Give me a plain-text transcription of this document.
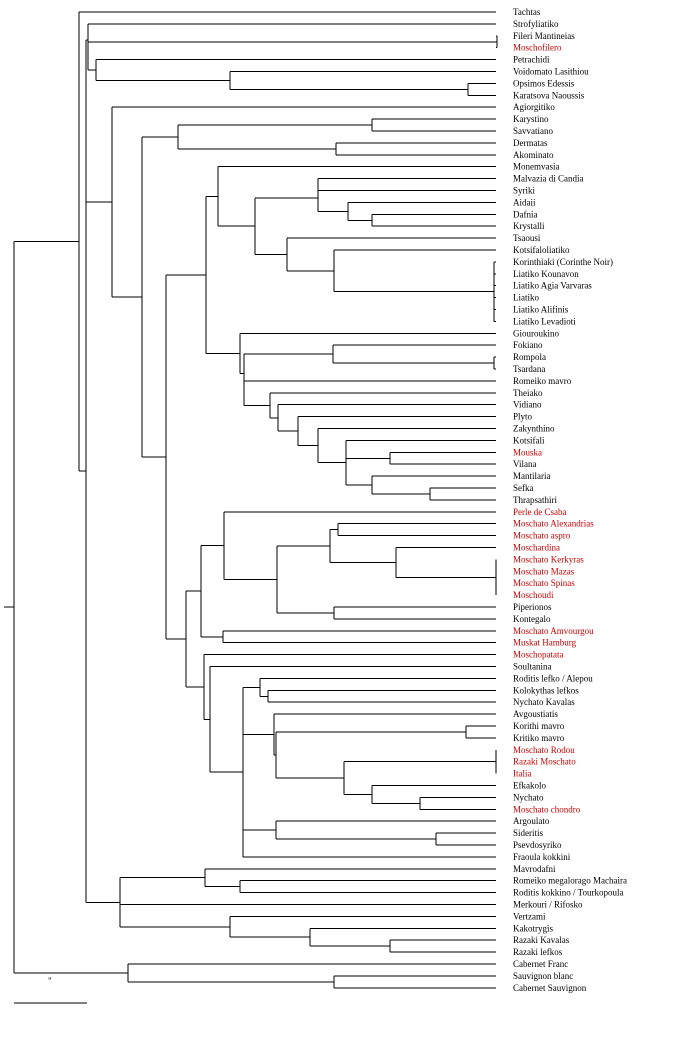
Tachtas
Strofyliatiko
Fileri Mantineias
Moschofilero
Petrachidi
Voidomato Lasithiou
Opsimos Edessis
Karatsova Naoussis
Agiorgitiko
Karystino
Savvatiano
Dermatas
Akominato
Monemvasia
Malvazia di Candia
Syriki
Aidaii
Dafnia
Krystalli
Tsaousi
Kotsifaloliatiko
Korinthiaki (Corinthe Noir)
Liatiko Kounavon
Liatiko Agia Varvaras
Liatiko
Liatiko Alifinis
Liatiko Levadioti
Giouroukino
Fokiano
Rompola
Tsardana
Romeiko mavro
Theiako
Vidiano
Plyto
Zakynthino
Kotsifali
Mouska
Vilana
Mantilaria
Sefka
Thrapsathiri
Perle de Csaba
Moschato Alexandrias
Moschato aspro
Moschardina
Moschato Kerkyras
Moschato Mazas
Moschato Spinas
Moschoudi
Piperionos
Kontegalo
Moschato Amvourgou
Muskat Hamburg
Moschopatata
Soultanina
Roditis lefko / Alepou
Kolokythas lefkos
Nychato Kavalas
Avgoustiatis
Korithi mavro
Kritiko mavro
Moschato Rodou
Razaki Moschato
Italia
Efkakolo
Nychato
Moschato chondro
Argoulato
Sideritis
Psevdosyriko
Fraoula kokkini
Mavrodafni
Romeiko megalorago Machaira
Roditis kokkino / Tourkopoula
Merkouri / Rifosko
Vertzami
Kakotrygis
Razaki Kavalas
Razaki lefkos
Cabernet Franc
Sauvignon blanc
Cabernet Sauvignon
"
